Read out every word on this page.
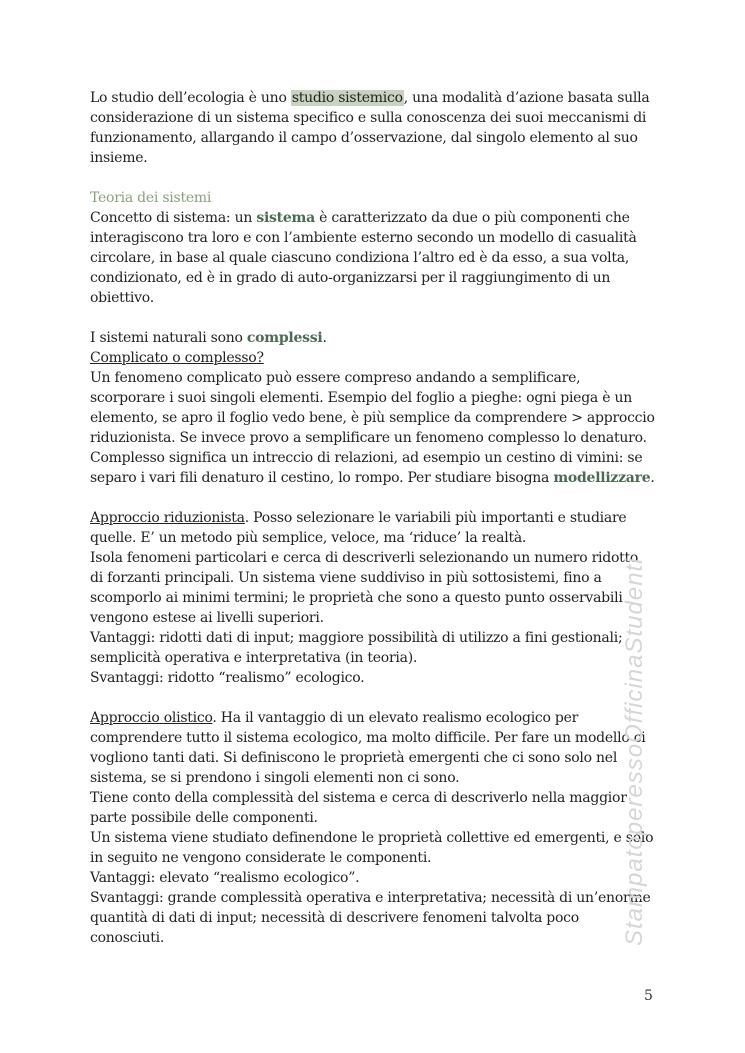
Lo studio dell’ecologia è uno studio sistemico, una modalità d’azione basata sulla considerazione di un sistema specifico e sulla conoscenza dei suoi meccanismi di funzionamento, allargando il campo d’osservazione, dal singolo elemento al suo insieme.

Teoria dei sistemi

Concetto di sistema: un sistema è caratterizzato da due o più componenti che interagiscono tra loro e con l’ambiente esterno secondo un modello di casualità circolare, in base al quale ciascuno condiziona l’altro ed è da esso, a sua volta, condizionato, ed è in grado di auto-organizzarsi per il raggiungimento di un obiettivo.

I sistemi naturali sono complessi.

Complicato o complesso?

Un fenomeno complicato può essere compreso andando a semplificare, scorporare i suoi singoli elementi. Esempio del foglio a pieghe: ogni piega è un elemento, se apro il foglio vedo bene, è più semplice da comprendere > approccio riduzionista. Se invece provo a semplificare un fenomeno complesso lo denaturo. Complesso significa un intreccio di relazioni, ad esempio un cestino di vimini: se separo i vari fili denaturo il cestino, lo rompo. Per studiare bisogna modellizzare.

Approccio riduzionista. Posso selezionare le variabili più importanti e studiare quelle. E’ un metodo più semplice, veloce, ma ‘riduce’ la realtà.

Isola fenomeni particolari e cerca di descriverli selezionando un numero ridotto di forzanti principali. Un sistema viene suddiviso in più sottosistemi, fino a scomporlo ai minimi termini; le proprietà che sono a questo punto osservabili vengono estese ai livelli superiori.

Vantaggi: ridotti dati di input; maggiore possibilità di utilizzo a fini gestionali; semplicità operativa e interpretativa (in teoria).

Svantaggi: ridotto “realismo” ecologico.

Approccio olistico. Ha il vantaggio di un elevato realismo ecologico per comprendere tutto il sistema ecologico, ma molto difficile. Per fare un modello ci vogliono tanti dati. Si definiscono le proprietà emergenti che ci sono solo nel sistema, se si prendono i singoli elementi non ci sono.

Tiene conto della complessità del sistema e cerca di descriverlo nella maggior parte possibile delle componenti.

Un sistema viene studiato definendone le proprietà collettive ed emergenti, e solo in seguito ne vengono considerate le componenti.

Vantaggi: elevato “realismo ecologico”.

Svantaggi: grande complessità operativa e interpretativa; necessità di un’enorme quantità di dati di input; necessità di descrivere fenomeni talvolta poco conosciuti.	StampatoperessoOfficinaStudenti
5
